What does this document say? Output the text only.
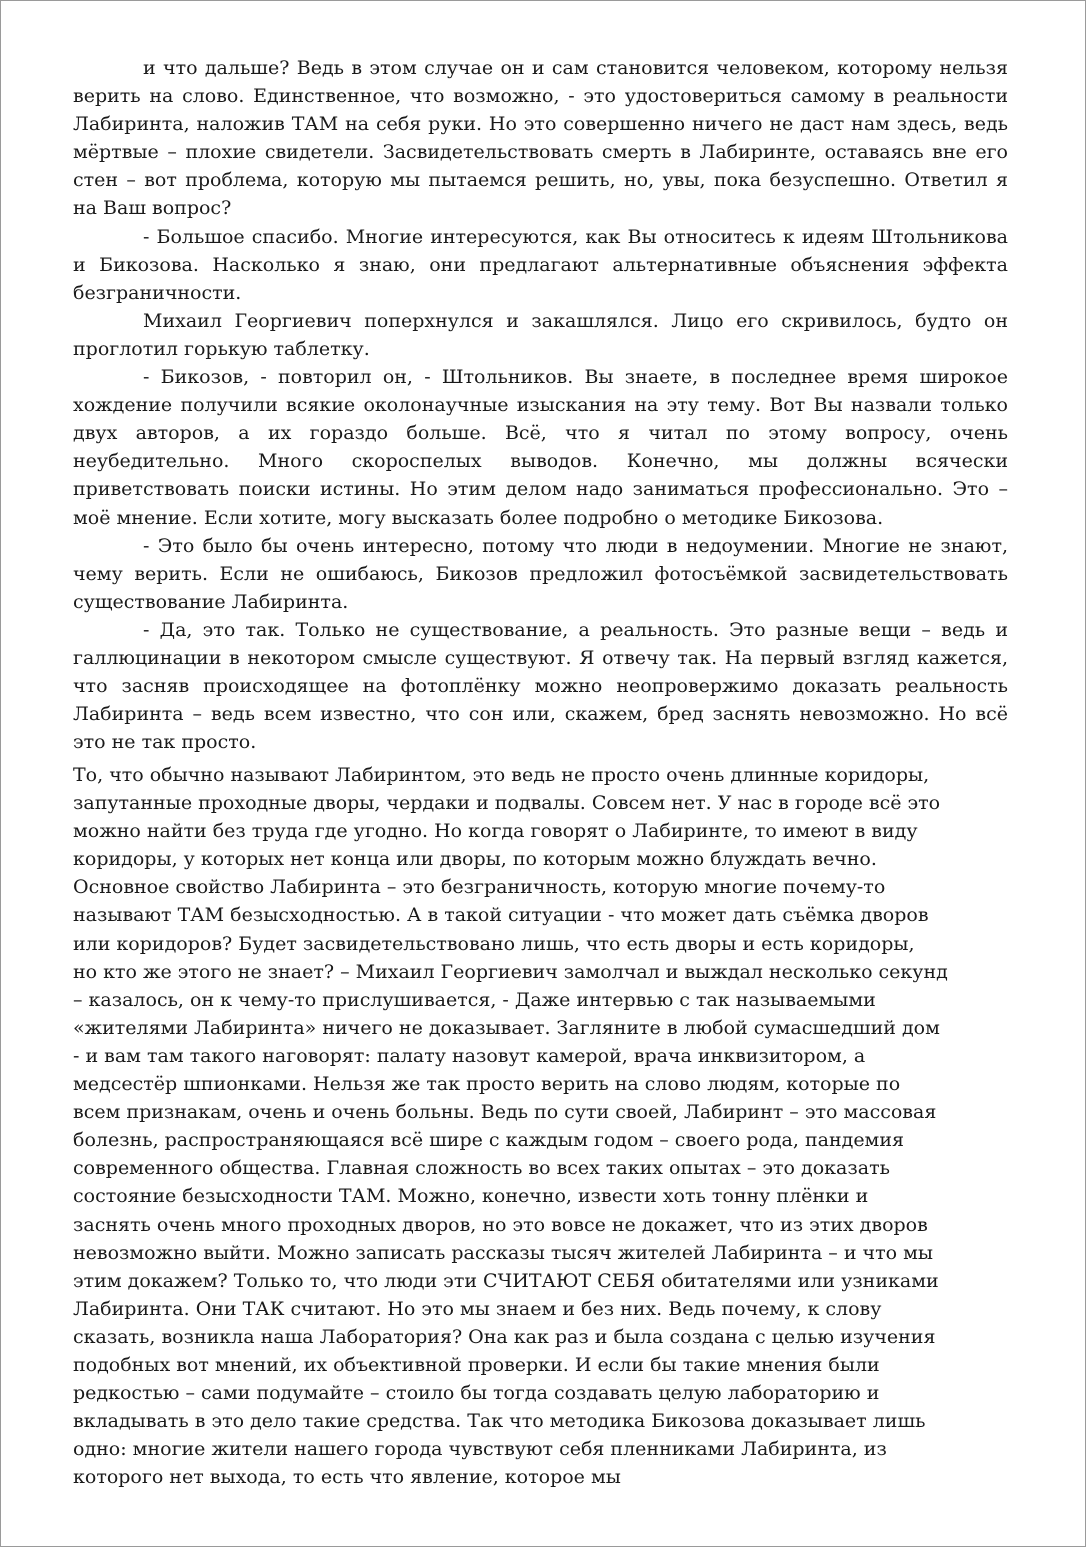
и что дальше? Ведь в этом случае он и сам становится человеком, которому нельзя верить на слово. Единственное, что возможно, - это удостовериться самому в реальности Лабиринта, наложив ТАМ на себя руки. Но это совершенно ничего не даст нам здесь, ведь мёртвые – плохие свидетели. Засвидетельствовать смерть в Лабиринте, оставаясь вне его стен – вот проблема, которую мы пытаемся решить, но, увы, пока безуспешно. Ответил я на Ваш вопрос?

- Большое спасибо. Многие интересуются, как Вы относитесь к идеям Штольникова и Бикозова. Насколько я знаю, они предлагают альтернативные объяснения эффекта безграничности.

Михаил Георгиевич поперхнулся и закашлялся. Лицо его скривилось, будто он проглотил горькую таблетку.

- Бикозов, - повторил он, - Штольников. Вы знаете, в последнее время широкое хождение получили всякие околонаучные изыскания на эту тему. Вот Вы назвали только двух авторов, а их гораздо больше. Всё, что я читал по этому вопросу, очень неубедительно. Много скороспелых выводов. Конечно, мы должны всячески приветствовать поиски истины. Но этим делом надо заниматься профессионально. Это – моё мнение. Если хотите, могу высказать более подробно о методике Бикозова.

- Это было бы очень интересно, потому что люди в недоумении. Многие не знают, чему верить. Если не ошибаюсь, Бикозов предложил фотосъёмкой засвидетельствовать существование Лабиринта.

- Да, это так. Только не существование, а реальность. Это разные вещи – ведь и галлюцинации в некотором смысле существуют. Я отвечу так. На первый взгляд кажется, что засняв происходящее на фотоплёнку можно неопровержимо доказать реальность Лабиринта – ведь всем известно, что сон или, скажем, бред заснять невозможно. Но всё это не так просто.

То, что обычно называют Лабиринтом, это ведь не просто очень длинные коридоры,
запутанные проходные дворы, чердаки и подвалы. Совсем нет. У нас в городе всё это
можно найти без труда где угодно. Но когда говорят о Лабиринте, то имеют в виду
коридоры, у которых нет конца или дворы, по которым можно блуждать вечно.
Основное свойство Лабиринта – это безграничность, которую многие почему-то
называют ТАМ безысходностью. А в такой ситуации - что может дать съёмка дворов
или коридоров? Будет засвидетельствовано лишь, что есть дворы и есть коридоры,
но кто же этого не знает? – Михаил Георгиевич замолчал и выждал несколько секунд
– казалось, он к чему-то прислушивается, - Даже интервью с так называемыми
«жителями Лабиринта» ничего не доказывает. Загляните в любой сумасшедший дом
- и вам там такого наговорят: палату назовут камерой, врача инквизитором, а
медсестёр шпионками. Нельзя же так просто верить на слово людям, которые по
всем признакам, очень и очень больны. Ведь по сути своей, Лабиринт – это массовая
болезнь, распространяющаяся всё шире с каждым годом – своего рода, пандемия
современного общества. Главная сложность во всех таких опытах – это доказать
состояние безысходности ТАМ. Можно, конечно, извести хоть тонну плёнки и
заснять очень много проходных дворов, но это вовсе не докажет, что из этих дворов
невозможно выйти. Можно записать рассказы тысяч жителей Лабиринта – и что мы
этим докажем? Только то, что люди эти СЧИТАЮТ СЕБЯ обитателями или узниками
Лабиринта. Они ТАК считают. Но это мы знаем и без них. Ведь почему, к слову
сказать, возникла наша Лаборатория? Она как раз и была создана с целью изучения
подобных вот мнений, их объективной проверки. И если бы такие мнения были
редкостью – сами подумайте – стоило бы тогда создавать целую лабораторию и
вкладывать в это дело такие средства. Так что методика Бикозова доказывает лишь
одно: многие жители нашего города чувствуют себя пленниками Лабиринта, из
которого нет выхода, то есть что явление, которое мы
